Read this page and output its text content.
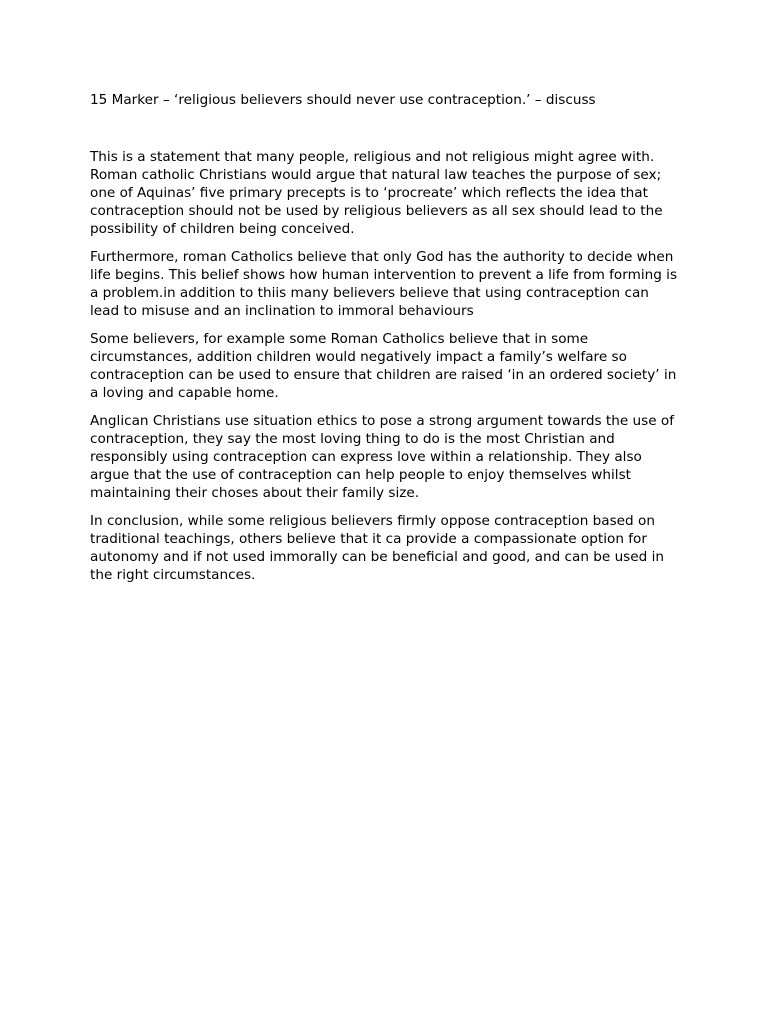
15 Marker – ‘religious believers should never use contraception.’ – discuss

This is a statement that many people, religious and not religious might agree with. Roman catholic Christians would argue that natural law teaches the purpose of sex; one of Aquinas’ five primary precepts is to ‘procreate’ which reflects the idea that contraception should not be used by religious believers as all sex should lead to the possibility of children being conceived.

Furthermore, roman Catholics believe that only God has the authority to decide when life begins. This belief shows how human intervention to prevent a life from forming is a problem.in addition to thiis many believers believe that using contraception can lead to misuse and an inclination to immoral behaviours

Some believers, for example some Roman Catholics believe that in some circumstances, addition children would negatively impact a family’s welfare so contraception can be used to ensure that children are raised ‘in an ordered society’ in a loving and capable home.

Anglican Christians use situation ethics to pose a strong argument towards the use of contraception, they say the most loving thing to do is the most Christian and responsibly using contraception can express love within a relationship. They also argue that the use of contraception can help people to enjoy themselves whilst maintaining their choses about their family size.

In conclusion, while some religious believers firmly oppose contraception based on traditional teachings, others believe that it ca provide a compassionate option for autonomy and if not used immorally can be beneficial and good, and can be used in the right circumstances.
